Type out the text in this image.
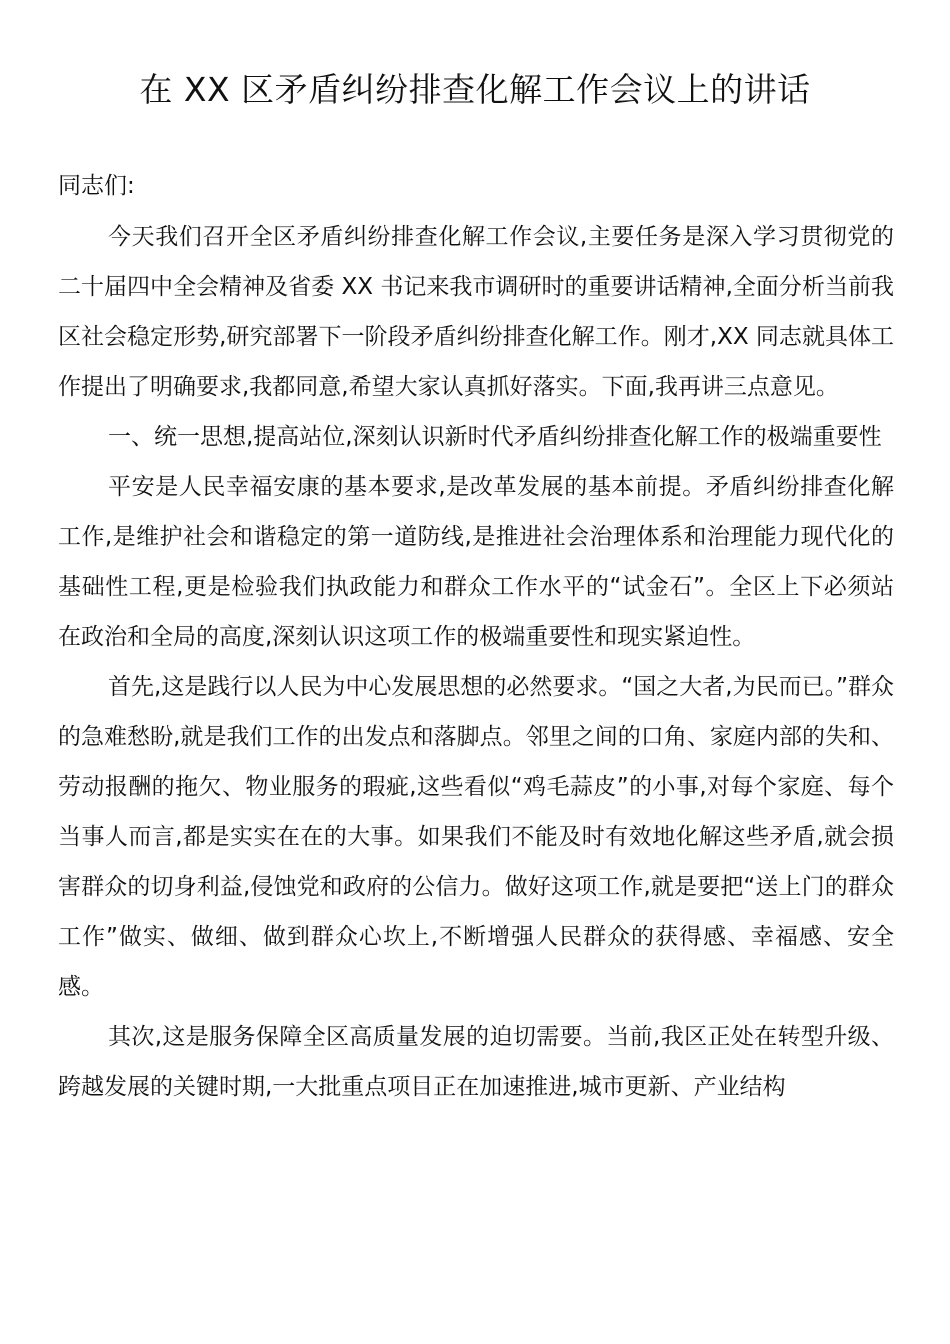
在 XX 区矛盾纠纷排查化解工作会议上的讲话

同志们:

今天我们召开全区矛盾纠纷排查化解工作会议,主要任务是深入学习贯彻党的二十届四中全会精神及省委 XX 书记来我市调研时的重要讲话精神,全面分析当前我区社会稳定形势,研究部署下一阶段矛盾纠纷排查化解工作。刚才,XX 同志就具体工作提出了明确要求,我都同意,希望大家认真抓好落实。下面,我再讲三点意见。

一、统一思想,提高站位,深刻认识新时代矛盾纠纷排查化解工作的极端重要性

平安是人民幸福安康的基本要求,是改革发展的基本前提。矛盾纠纷排查化解工作,是维护社会和谐稳定的第一道防线,是推进社会治理体系和治理能力现代化的基础性工程,更是检验我们执政能力和群众工作水平的“试金石”。全区上下必须站在政治和全局的高度,深刻认识这项工作的极端重要性和现实紧迫性。

首先,这是践行以人民为中心发展思想的必然要求。“国之大者,为民而已。”群众的急难愁盼,就是我们工作的出发点和落脚点。邻里之间的口角、家庭内部的失和、劳动报酬的拖欠、物业服务的瑕疵,这些看似“鸡毛蒜皮”的小事,对每个家庭、每个当事人而言,都是实实在在的大事。如果我们不能及时有效地化解这些矛盾,就会损害群众的切身利益,侵蚀党和政府的公信力。做好这项工作,就是要把“送上门的群众工作”做实、做细、做到群众心坎上,不断增强人民群众的获得感、幸福感、安全感。

其次,这是服务保障全区高质量发展的迫切需要。当前,我区正处在转型升级、跨越发展的关键时期,一大批重点项目正在加速推进,城市更新、产业结构
